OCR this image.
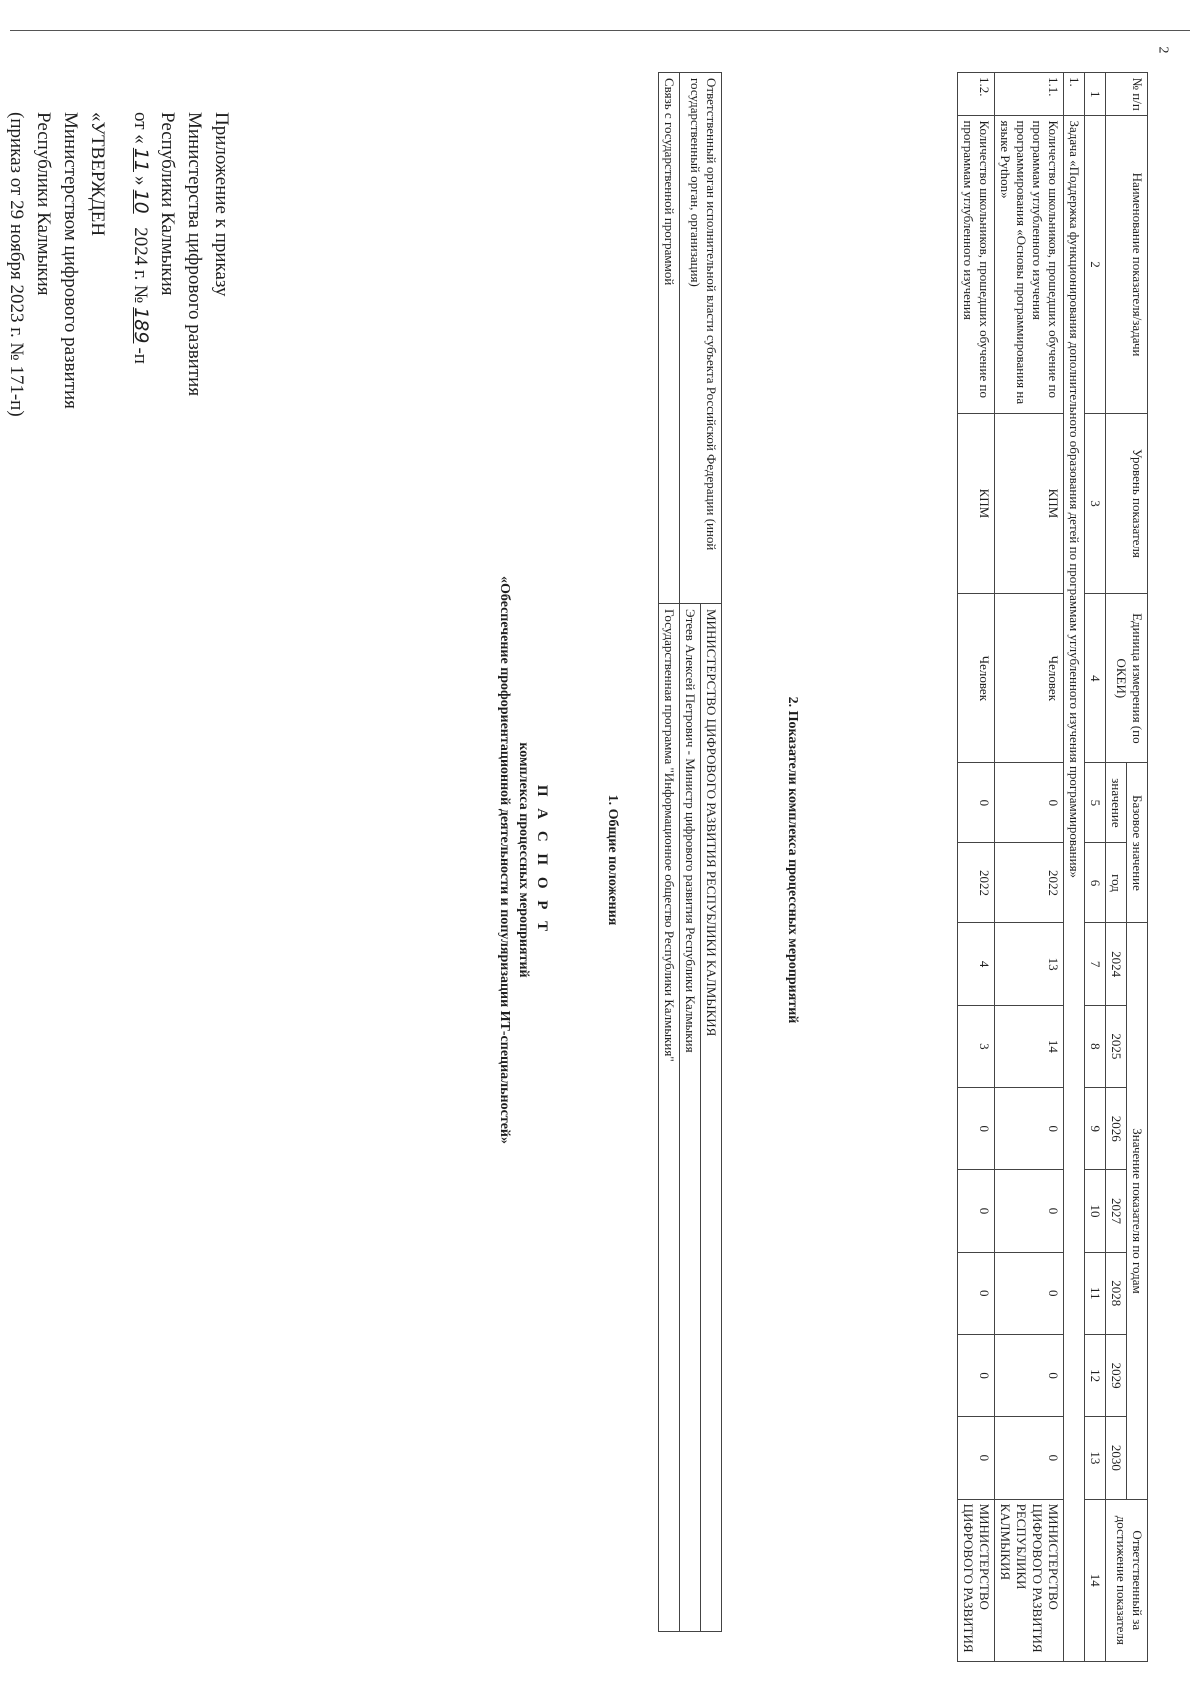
2
Приложение к приказу
Министерства цифрового развития
Республики Калмыкия
от «11»10  2024 г. №189-п
«УТВЕРЖДЕН
Министерством цифрового развития
Республики Калмыкия
(приказ от 29 ноября 2023 г. № 171-п)
П А С П О Р Т
комплекса процессных мероприятий
«Обеспечение профориентационной деятельности и популяризации ИТ-специальностей»	1. Общие положения
Ответственный орган исполнительной власти субъекта Российской Федерации (иной государственный орган, организация)	МИНИСТЕРСТВО ЦИФРОВОГО РАЗВИТИЯ РЕСПУБЛИКИ КАЛМЫКИЯ
	Этеев Алексей Петрович - Министр цифрового развития Республики Калмыкия
Связь с государственной программой	Государственная программа "Информационное общество Республики Калмыкия"	2. Показатели комплекса процессных мероприятий
№ п/п	Наименование показателя/задачи	Уровень показателя	Единица измерения (по ОКЕИ)	Базовое значение		Значение показателя по годам							Ответственный за достижение показателя
				значение	год	2024	2025	2026	2027	2028	2029	2030	
1	2	3	4	5	6	7	8	9	10	11	12	13	14
1.	Задача «Поддержка функционирования дополнительного образования детей по программам углубленного изучения программирования»												
1.1.	Количество школьников, прошедших обучение по программам углубленного изучения программирования «Основы программирования на языке Python»	КПМ	Человек	0	2022	13	14	0	0	0	0	0	МИНИСТЕРСТВО ЦИФРОВОГО РАЗВИТИЯ РЕСПУБЛИКИ КАЛМЫКИЯ
1.2.	Количество школьников, прошедших обучение по программам углубленного изучения	КПМ	Человек	0	2022	4	3	0	0	0	0	0	МИНИСТЕРСТВО ЦИФРОВОГО РАЗВИТИЯ
